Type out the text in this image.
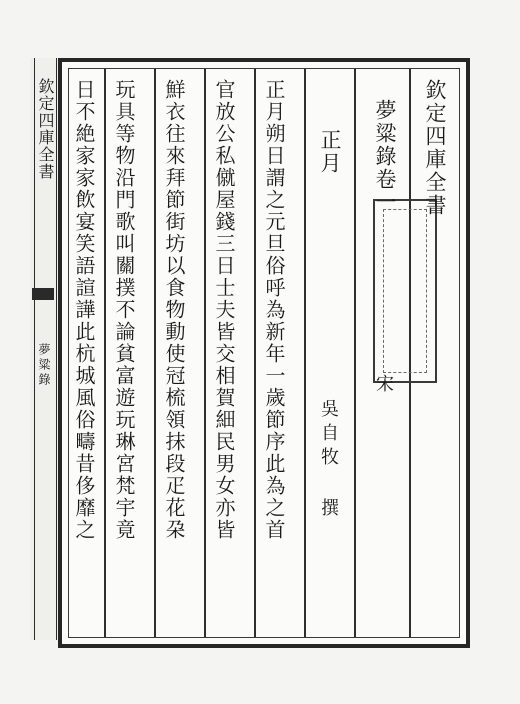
欽定四庫全書
夢粱錄
欽定四庫全書
夢粱錄卷一
宋
正月
吳自牧 撰
正月朔日謂之元旦俗呼為新年一歲節序此為之首
官放公私僦屋錢三日士夫皆交相賀細民男女亦皆
鮮衣往來拜節街坊以食物動使冠梳領抹段疋花朶
玩具等物沿門歌叫關撲不論貧富遊玩琳宮梵宇竟
日不絶家家飲宴笑語諠譁此杭城風俗疇昔侈靡之
